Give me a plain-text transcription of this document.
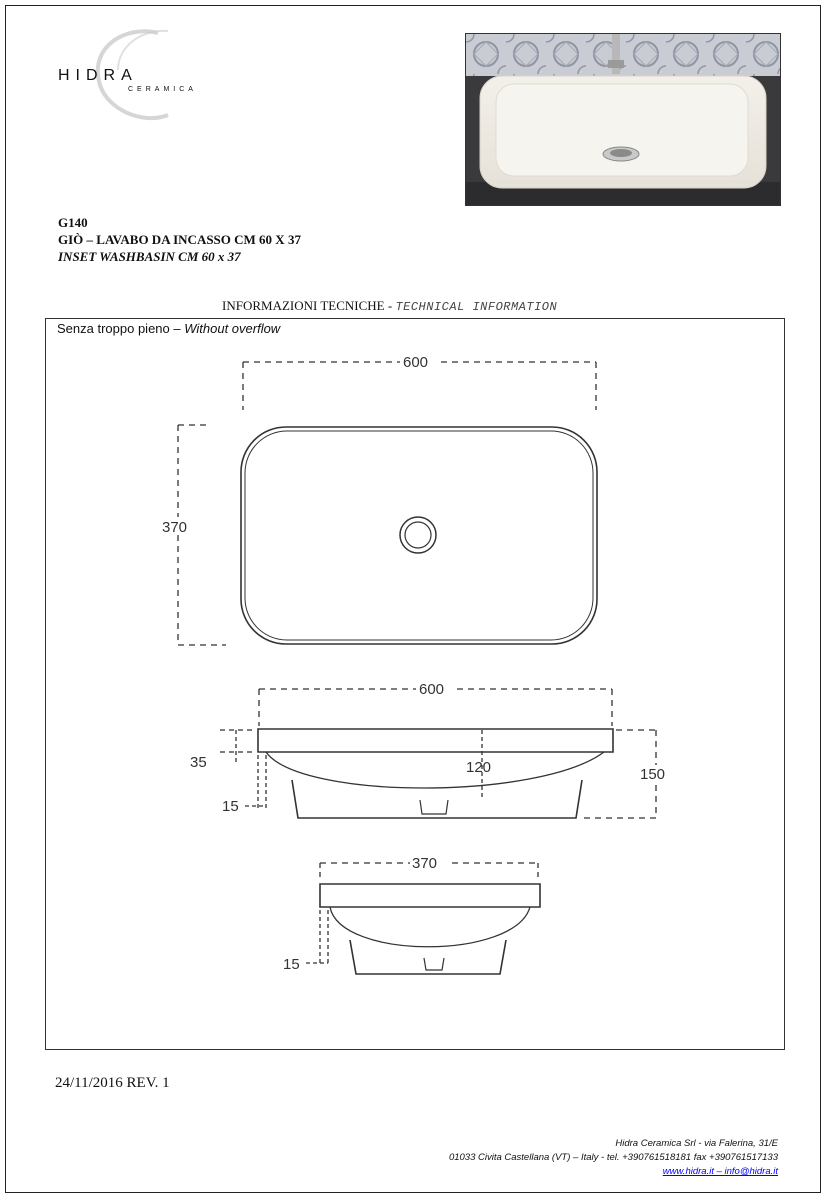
HIDRA
CERAMICA
G140
GIÒ – LAVABO DA INCASSO CM 60 X 37
INSET WASHBASIN CM 60 x 37
INFORMAZIONI TECNICHE - TECHNICAL INFORMATION
Senza troppo pieno – Without overflow
600
370
600
35	120	150
15
370
15
24/11/2016 REV. 1
Hidra Ceramica Srl - via Falerina, 31/E
01033 Civita Castellana (VT) – Italy - tel. +390761518181 fax +390761517133
www.hidra.it – info@hidra.it
